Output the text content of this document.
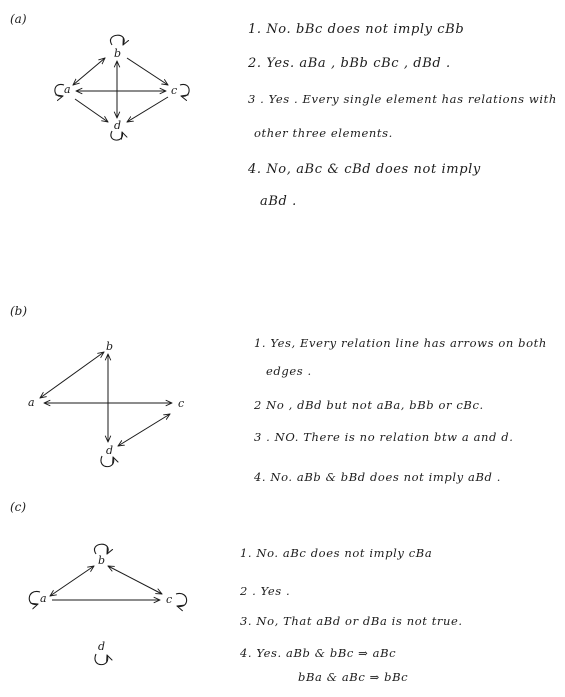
(a)
b
a	c
d
1. No. bBc does not imply cBb
2. Yes. aBa , bBb cBc , dBd .
3 . Yes . Every single element has relations with
other three elements.
4. No, aBc & cBd does not imply
aBd .
(b)
b
a	c
d
1. Yes, Every relation line has arrows on both
edges .
2 No , dBd but not aBa, bBb or cBc.
3 . NO. There is no relation btw a and d.
4. No. aBb & bBd does not imply aBd .
(c)
b
a	c
d
1. No. aBc does not imply cBa
2 . Yes .
3. No, That aBd or dBa is not true.
4. Yes. aBb & bBc ⇒ aBc
bBa & aBc ⇒ bBc
